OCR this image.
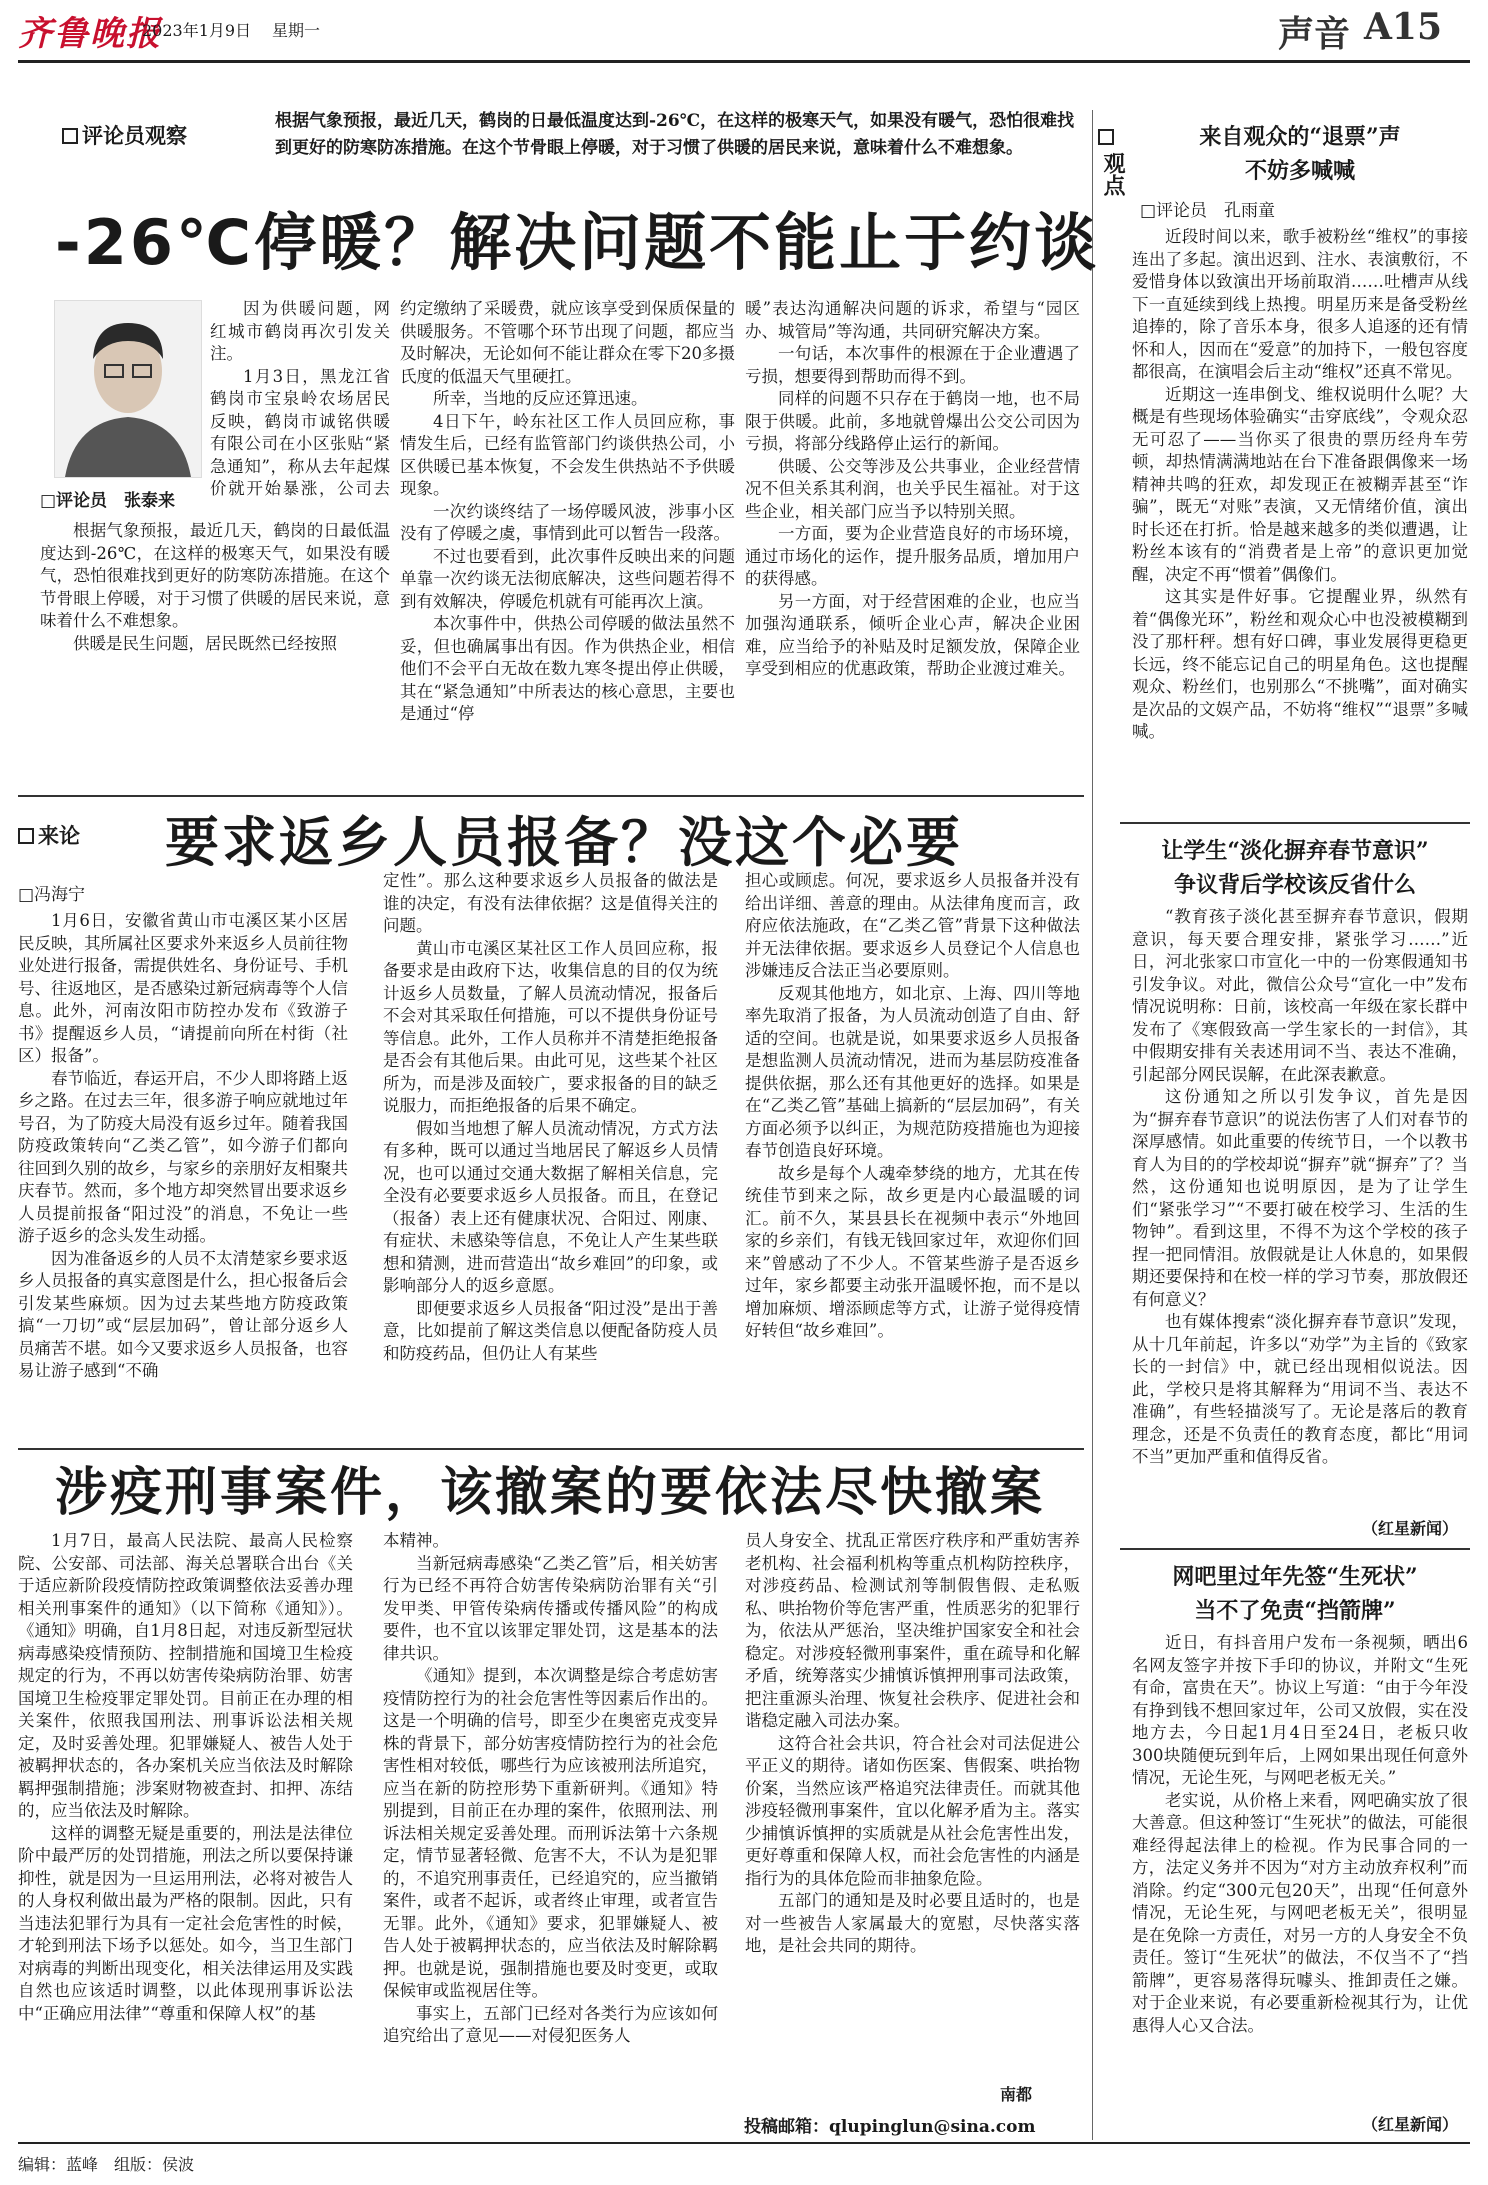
齐鲁晚报
2023年1月9日 星期一	声音 A15
评论员观察
根据气象预报，最近几天，鹤岗的日最低温度达到-26℃，在这样的极寒天气，如果没有暖气，恐怕很难找到更好的防寒防冻措施。在这个节骨眼上停暖，对于习惯了供暖的居民来说，意味着什么不难想象。
-26℃停暖？解决问题不能止于约谈
□评论员　张泰来

因为供暖问题，网红城市鹤岗再次引发关注。

1月3日，黑龙江省鹤岗市宝泉岭农场居民反映，鹤岗市诚铭供暖有限公司在小区张贴“紧急通知”，称从去年起煤价就开始暴涨，公司去

根据气象预报，最近几天，鹤岗的日最低温度达到-26℃，在这样的极寒天气，如果没有暖气，恐怕很难找到更好的防寒防冻措施。在这个节骨眼上停暖，对于习惯了供暖的居民来说，意味着什么不难想象。

供暖是民生问题，居民既然已经按照

约定缴纳了采暖费，就应该享受到保质保量的供暖服务。不管哪个环节出现了问题，都应当及时解决，无论如何不能让群众在零下20多摄氏度的低温天气里硬扛。

所幸，当地的反应还算迅速。

4日下午，岭东社区工作人员回应称，事情发生后，已经有监管部门约谈供热公司，小区供暖已基本恢复，不会发生供热站不予供暖现象。

一次约谈终结了一场停暖风波，涉事小区没有了停暖之虞，事情到此可以暂告一段落。

不过也要看到，此次事件反映出来的问题单靠一次约谈无法彻底解决，这些问题若得不到有效解决，停暖危机就有可能再次上演。

本次事件中，供热公司停暖的做法虽然不妥，但也确属事出有因。作为供热企业，相信他们不会平白无故在数九寒冬提出停止供暖，其在“紧急通知”中所表达的核心意思，主要也是通过“停

暖”表达沟通解决问题的诉求，希望与“园区办、城管局”等沟通，共同研究解决方案。

一句话，本次事件的根源在于企业遭遇了亏损，想要得到帮助而得不到。

同样的问题不只存在于鹤岗一地，也不局限于供暖。此前，多地就曾爆出公交公司因为亏损，将部分线路停止运行的新闻。

供暖、公交等涉及公共事业，企业经营情况不但关系其利润，也关乎民生福祉。对于这些企业，相关部门应当予以特别关照。

一方面，要为企业营造良好的市场环境，通过市场化的运作，提升服务品质，增加用户的获得感。

另一方面，对于经营困难的企业，也应当加强沟通联系，倾听企业心声，解决企业困难，应当给予的补贴及时足额发放，保障企业享受到相应的优惠政策，帮助企业渡过难关。

来论 要求返乡人员报备？没这个必要
□冯海宁

1月6日，安徽省黄山市屯溪区某小区居民反映，其所属社区要求外来返乡人员前往物业处进行报备，需提供姓名、身份证号、手机号、往返地区，是否感染过新冠病毒等个人信息。此外，河南汝阳市防控办发布《致游子书》提醒返乡人员，“请提前向所在村街（社区）报备”。

春节临近，春运开启，不少人即将踏上返乡之路。在过去三年，很多游子响应就地过年号召，为了防疫大局没有返乡过年。随着我国防疫政策转向“乙类乙管”，如今游子们都向往回到久别的故乡，与家乡的亲朋好友相聚共庆春节。然而，多个地方却突然冒出要求返乡人员提前报备“阳过没”的消息，不免让一些游子返乡的念头发生动摇。

因为准备返乡的人员不太清楚家乡要求返乡人员报备的真实意图是什么，担心报备后会引发某些麻烦。因为过去某些地方防疫政策搞“一刀切”或“层层加码”，曾让部分返乡人员痛苦不堪。如今又要求返乡人员报备，也容易让游子感到“不确

定性”。那么这种要求返乡人员报备的做法是谁的决定，有没有法律依据？这是值得关注的问题。

黄山市屯溪区某社区工作人员回应称，报备要求是由政府下达，收集信息的目的仅为统计返乡人员数量，了解人员流动情况，报备后不会对其采取任何措施，可以不提供身份证号等信息。此外，工作人员称并不清楚拒绝报备是否会有其他后果。由此可见，这些某个社区所为，而是涉及面较广，要求报备的目的缺乏说服力，而拒绝报备的后果不确定。

假如当地想了解人员流动情况，方式方法有多种，既可以通过当地居民了解返乡人员情况，也可以通过交通大数据了解相关信息，完全没有必要要求返乡人员报备。而且，在登记（报备）表上还有健康状况、合阳过、刚康、有症状、未感染等信息，不免让人产生某些联想和猜测，进而营造出“故乡难回”的印象，或影响部分人的返乡意愿。

即便要求返乡人员报备“阳过没”是出于善意，比如提前了解这类信息以便配备防疫人员和防疫药品，但仍让人有某些

担心或顾虑。何况，要求返乡人员报备并没有给出详细、善意的理由。从法律角度而言，政府应依法施政，在“乙类乙管”背景下这种做法并无法律依据。要求返乡人员登记个人信息也涉嫌违反合法正当必要原则。

反观其他地方，如北京、上海、四川等地率先取消了报备，为人员流动创造了自由、舒适的空间。也就是说，如果要求返乡人员报备是想监测人员流动情况，进而为基层防疫准备提供依据，那么还有其他更好的选择。如果是在“乙类乙管”基础上搞新的“层层加码”，有关方面必须予以纠正，为规范防疫措施也为迎接春节创造良好环境。

故乡是每个人魂牵梦绕的地方，尤其在传统佳节到来之际，故乡更是内心最温暖的词汇。前不久，某县县长在视频中表示“外地回家的乡亲们，有钱无钱回家过年，欢迎你们回来”曾感动了不少人。不管某些游子是否返乡过年，家乡都要主动张开温暖怀抱，而不是以增加麻烦、增添顾虑等方式，让游子觉得疫情好转但“故乡难回”。

涉疫刑事案件，该撤案的要依法尽快撤案

1月7日，最高人民法院、最高人民检察院、公安部、司法部、海关总署联合出台《关于适应新阶段疫情防控政策调整依法妥善办理相关刑事案件的通知》（以下简称《通知》）。《通知》明确，自1月8日起，对违反新型冠状病毒感染疫情预防、控制措施和国境卫生检疫规定的行为，不再以妨害传染病防治罪、妨害国境卫生检疫罪定罪处罚。目前正在办理的相关案件，依照我国刑法、刑事诉讼法相关规定，及时妥善处理。犯罪嫌疑人、被告人处于被羁押状态的，各办案机关应当依法及时解除羁押强制措施；涉案财物被查封、扣押、冻结的，应当依法及时解除。

这样的调整无疑是重要的，刑法是法律位阶中最严厉的处罚措施，刑法之所以要保持谦抑性，就是因为一旦运用刑法，必将对被告人的人身权利做出最为严格的限制。因此，只有当违法犯罪行为具有一定社会危害性的时候，才轮到刑法下场予以惩处。如今，当卫生部门对病毒的判断出现变化，相关法律运用及实践自然也应该适时调整，以此体现刑事诉讼法中“正确应用法律”“尊重和保障人权”的基

本精神。

当新冠病毒感染“乙类乙管”后，相关妨害行为已经不再符合妨害传染病防治罪有关“引发甲类、甲管传染病传播或传播风险”的构成要件，也不宜以该罪定罪处罚，这是基本的法律共识。

《通知》提到，本次调整是综合考虑妨害疫情防控行为的社会危害性等因素后作出的。这是一个明确的信号，即至少在奥密克戎变异株的背景下，部分妨害疫情防控行为的社会危害性相对较低，哪些行为应该被刑法所追究，应当在新的防控形势下重新研判。《通知》特别提到，目前正在办理的案件，依照刑法、刑诉法相关规定妥善处理。而刑诉法第十六条规定，情节显著轻微、危害不大，不认为是犯罪的，不追究刑事责任，已经追究的，应当撤销案件，或者不起诉，或者终止审理，或者宣告无罪。此外，《通知》要求，犯罪嫌疑人、被告人处于被羁押状态的，应当依法及时解除羁押。也就是说，强制措施也要及时变更，或取保候审或监视居住等。

事实上，五部门已经对各类行为应该如何追究给出了意见——对侵犯医务人

员人身安全、扰乱正常医疗秩序和严重妨害养老机构、社会福利机构等重点机构防控秩序，对涉疫药品、检测试剂等制假售假、走私贩私、哄抬物价等危害严重，性质恶劣的犯罪行为，依法从严惩治，坚决维护国家安全和社会稳定。对涉疫轻微刑事案件，重在疏导和化解矛盾，统筹落实少捕慎诉慎押刑事司法政策，把注重源头治理、恢复社会秩序、促进社会和谐稳定融入司法办案。

这符合社会共识，符合社会对司法促进公平正义的期待。诸如伤医案、售假案、哄抬物价案，当然应该严格追究法律责任。而就其他涉疫轻微刑事案件，宜以化解矛盾为主。落实少捕慎诉慎押的实质就是从社会危害性出发，更好尊重和保障人权，而社会危害性的内涵是指行为的具体危险而非抽象危险。

五部门的通知是及时必要且适时的，也是对一些被告人家属最大的宽慰，尽快落实落地，是社会共同的期待。

南都
投稿邮箱：qlupinglun@sina.com
观点
来自观众的“退票”声
不妨多喊喊
□评论员　孔雨童

近段时间以来，歌手被粉丝“维权”的事接连出了多起。演出迟到、注水、表演敷衍，不爱惜身体以致演出开场前取消……吐槽声从线下一直延续到线上热搜。明星历来是备受粉丝追捧的，除了音乐本身，很多人追逐的还有情怀和人，因而在“爱意”的加持下，一般包容度都很高，在演唱会后主动“维权”还真不常见。

近期这一连串倒戈、维权说明什么呢？大概是有些现场体验确实“击穿底线”，令观众忍无可忍了——当你买了很贵的票历经舟车劳顿，却热情满满地站在台下准备跟偶像来一场精神共鸣的狂欢，却发现正在被糊弄甚至“诈骗”，既无“对账”表演，又无情绪价值，演出时长还在打折。恰是越来越多的类似遭遇，让粉丝本该有的“消费者是上帝”的意识更加觉醒，决定不再“惯着”偶像们。

这其实是件好事。它提醒业界，纵然有着“偶像光环”，粉丝和观众心中也没被模糊到没了那杆秤。想有好口碑，事业发展得更稳更长远，终不能忘记自己的明星角色。这也提醒观众、粉丝们，也别那么“不挑嘴”，面对确实是次品的文娱产品，不妨将“维权”“退票”多喊喊。

让学生“淡化摒弃春节意识”
争议背后学校该反省什么

“教育孩子淡化甚至摒弃春节意识，假期意识，每天要合理安排，紧张学习……”近日，河北张家口市宣化一中的一份寒假通知书引发争议。对此，微信公众号“宣化一中”发布情况说明称：日前，该校高一年级在家长群中发布了《寒假致高一学生家长的一封信》，其中假期安排有关表述用词不当、表达不准确，引起部分网民误解，在此深表歉意。

这份通知之所以引发争议，首先是因为“摒弃春节意识”的说法伤害了人们对春节的深厚感情。如此重要的传统节日，一个以教书育人为目的的学校却说“摒弃”就“摒弃”了？当然，这份通知也说明原因，是为了让学生们“紧张学习”“不要打破在校学习、生活的生物钟”。看到这里，不得不为这个学校的孩子捏一把同情泪。放假就是让人休息的，如果假期还要保持和在校一样的学习节奏，那放假还有何意义？

也有媒体搜索“淡化摒弃春节意识”发现，从十几年前起，许多以“劝学”为主旨的《致家长的一封信》中，就已经出现相似说法。因此，学校只是将其解释为“用词不当、表达不准确”，有些轻描淡写了。无论是落后的教育理念，还是不负责任的教育态度，都比“用词不当”更加严重和值得反省。

（红星新闻）
网吧里过年先签“生死状”
当不了免责“挡箭牌”

近日，有抖音用户发布一条视频，晒出6名网友签字并按下手印的协议，并附文“生死有命，富贵在天”。协议上写道：“由于今年没有挣到钱不想回家过年，公司又放假，实在没地方去，今日起1月4日至24日，老板只收300块随便玩到年后，上网如果出现任何意外情况，无论生死，与网吧老板无关。”

老实说，从价格上来看，网吧确实放了很大善意。但这种签订“生死状”的做法，可能很难经得起法律上的检视。作为民事合同的一方，法定义务并不因为“对方主动放弃权利”而消除。约定“300元包20天”，出现“任何意外情况，无论生死，与网吧老板无关”，很明显是在免除一方责任，对另一方的人身安全不负责任。签订“生死状”的做法，不仅当不了“挡箭牌”，更容易落得玩噱头、推卸责任之嫌。对于企业来说，有必要重新检视其行为，让优惠得人心又合法。

（红星新闻）
编辑：蓝峰　 组版：侯波
